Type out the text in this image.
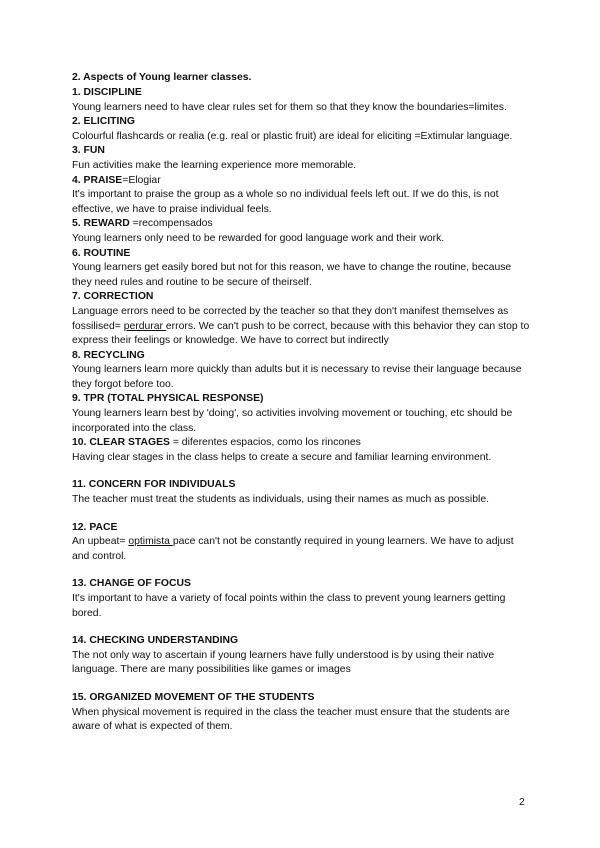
2. Aspects of Young learner classes.
1. DISCIPLINE
Young learners need to have clear rules set for them so that they know the boundaries=limites.
2. ELICITING
Colourful flashcards or realia (e.g. real or plastic fruit) are ideal for eliciting =Extimular language.
3. FUN
Fun activities make the learning experience more memorable.
4. PRAISE=Elogiar
It's important to praise the group as a whole so no individual feels left out. If we do this, is not effective, we have to praise individual feels.
5. REWARD =recompensados
Young learners only need to be rewarded for good language work and their work.
6. ROUTINE
Young learners get easily bored but not for this reason, we have to change the routine, because they need rules and routine to be secure of theirself.
7. CORRECTION
Language errors need to be corrected by the teacher so that they don't manifest themselves as fossilised= perdurar errors. We can't push to be correct, because with this behavior they can stop to express their feelings or knowledge. We have to correct but indirectly
8. RECYCLING
Young learners learn more quickly than adults but it is necessary to revise their language because they forgot before too.
9. TPR (TOTAL PHYSICAL RESPONSE)
Young learners learn best by 'doing', so activities involving movement or touching, etc should be incorporated into the class.
10. CLEAR STAGES = diferentes espacios, como los rincones
Having clear stages in the class helps to create a secure and familiar learning environment.
11. CONCERN FOR INDIVIDUALS
The teacher must treat the students as individuals, using their names as much as possible.
12. PACE
An upbeat= optimista pace can't not be constantly required in young learners. We have to adjust and control.
13. CHANGE OF FOCUS
It's important to have a variety of focal points within the class to prevent young learners getting bored.
14. CHECKING UNDERSTANDING
The not only way to ascertain if young learners have fully understood is by using their native language. There are many possibilities like games or images
15. ORGANIZED MOVEMENT OF THE STUDENTS
When physical movement is required in the class the teacher must ensure that the students are aware of what is expected of them.
2
